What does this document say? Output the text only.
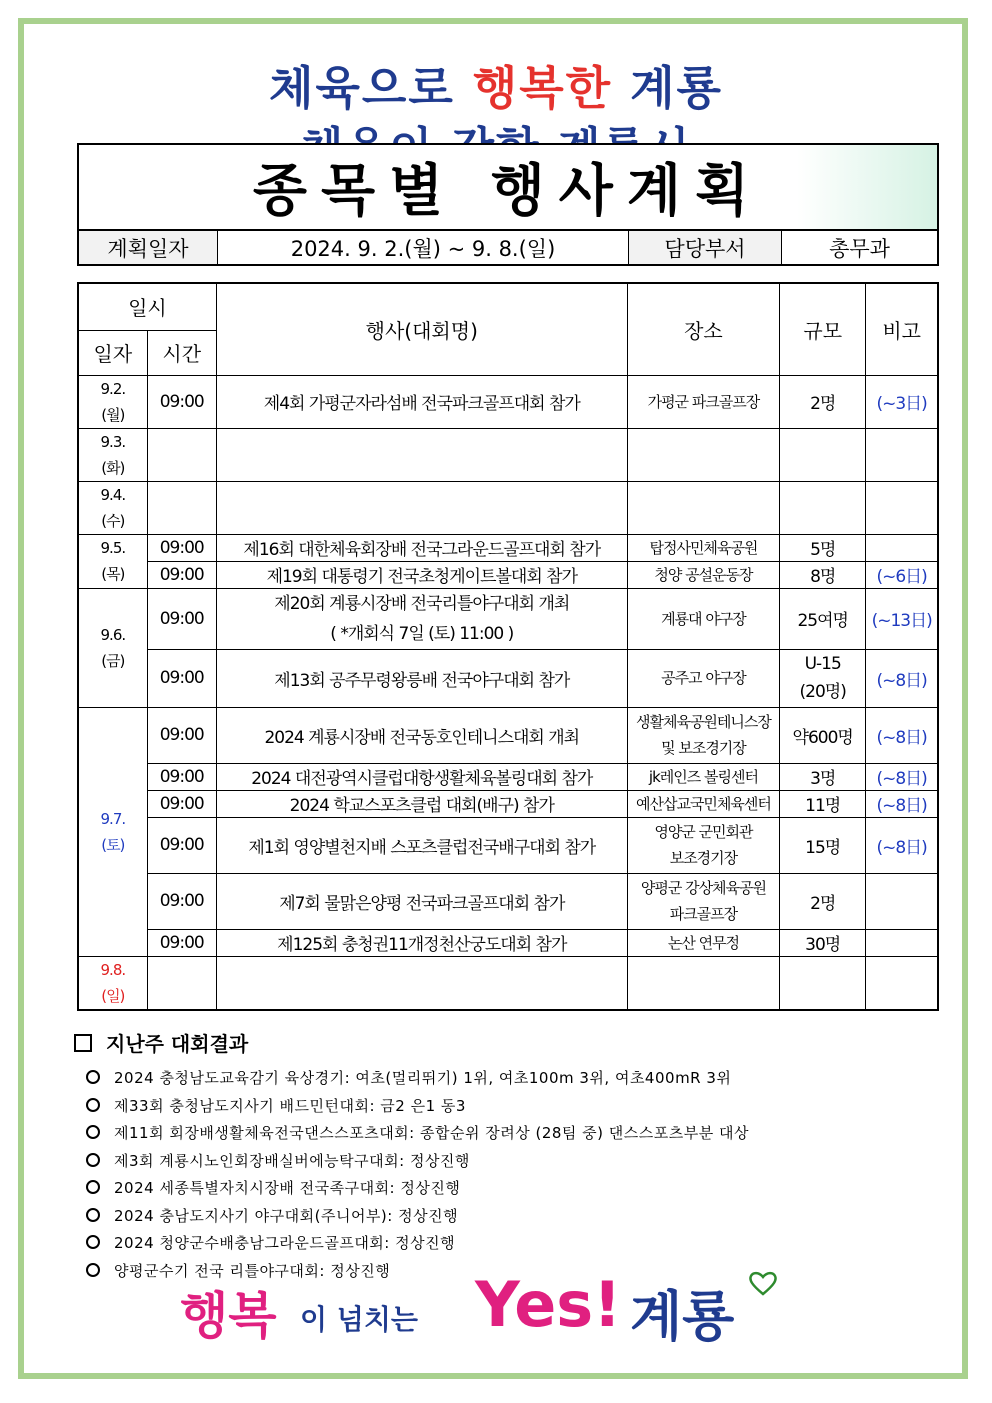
체육으로 행복한 계룡
종목별 행사계획
계획일자	2024. 9. 2.(월) ~ 9. 8.(일)	담당부서	총무과
일시		행사(대회명)	장소	규모	비고
일자	시간				
9.2.
(월)	09:00	제4회 가평군자라섬배 전국파크골프대회 참가	가평군 파크골프장	2명	(~3日)
9.3.
(화)					
9.4.
(수)					
9.5.
(목)	09:00	제16회 대한체육회장배 전국그라운드골프대회 참가	탑정사민체육공원	5명	
	09:00	제19회 대통령기 전국초청게이트볼대회 참가	청양 공설운동장	8명	(~6日)
9.6.
(금)	09:00	제20회 계룡시장배 전국리틀야구대회 개최
( *개회식 7일 (토) 11:00 )	계룡대 야구장	25여명	(~13日)
	09:00	제13회 공주무령왕릉배 전국야구대회 참가	공주고 야구장	U-15
(20명)	(~8日)
9.7.
(토)	09:00	2024 계룡시장배 전국동호인테니스대회 개최	생활체육공원테니스장
및 보조경기장	약600명	(~8日)
	09:00	2024 대전광역시클럽대항생활체육볼링대회 참가	jk레인즈 볼링센터	3명	(~8日)
	09:00	2024 학교스포츠클럽 대회(배구) 참가	예산삽교국민체육센터	11명	(~8日)
	09:00	제1회 영양별천지배 스포츠클럽전국배구대회 참가	영양군 군민회관
보조경기장	15명	(~8日)
	09:00	제7회 물맑은양평 전국파크골프대회 참가	양평군 강상체육공원
파크골프장	2명	
	09:00	제125회 충청권11개정천산궁도대회 참가	논산 연무정	30명	
9.8.
(일)					
지난주 대회결과
2024 충청남도교육감기 육상경기: 여초(멀리뛰기) 1위, 여초100m 3위, 여초400mR 3위
제33회 충청남도지사기 배드민턴대회: 금2 은1 동3
제11회 회장배생활체육전국댄스스포츠대회: 종합순위 장려상 (28팀 중) 댄스스포츠부분 대상
제3회 계룡시노인회장배실버에능탁구대회: 정상진행
2024 세종특별자치시장배 전국족구대회: 정상진행
2024 충남도지사기 야구대회(주니어부): 정상진행
2024 청양군수배충남그라운드골프대회: 정상진행
양평군수기 전국 리틀야구대회: 정상진행
행복 이 넘치는 Yes! 계룡
